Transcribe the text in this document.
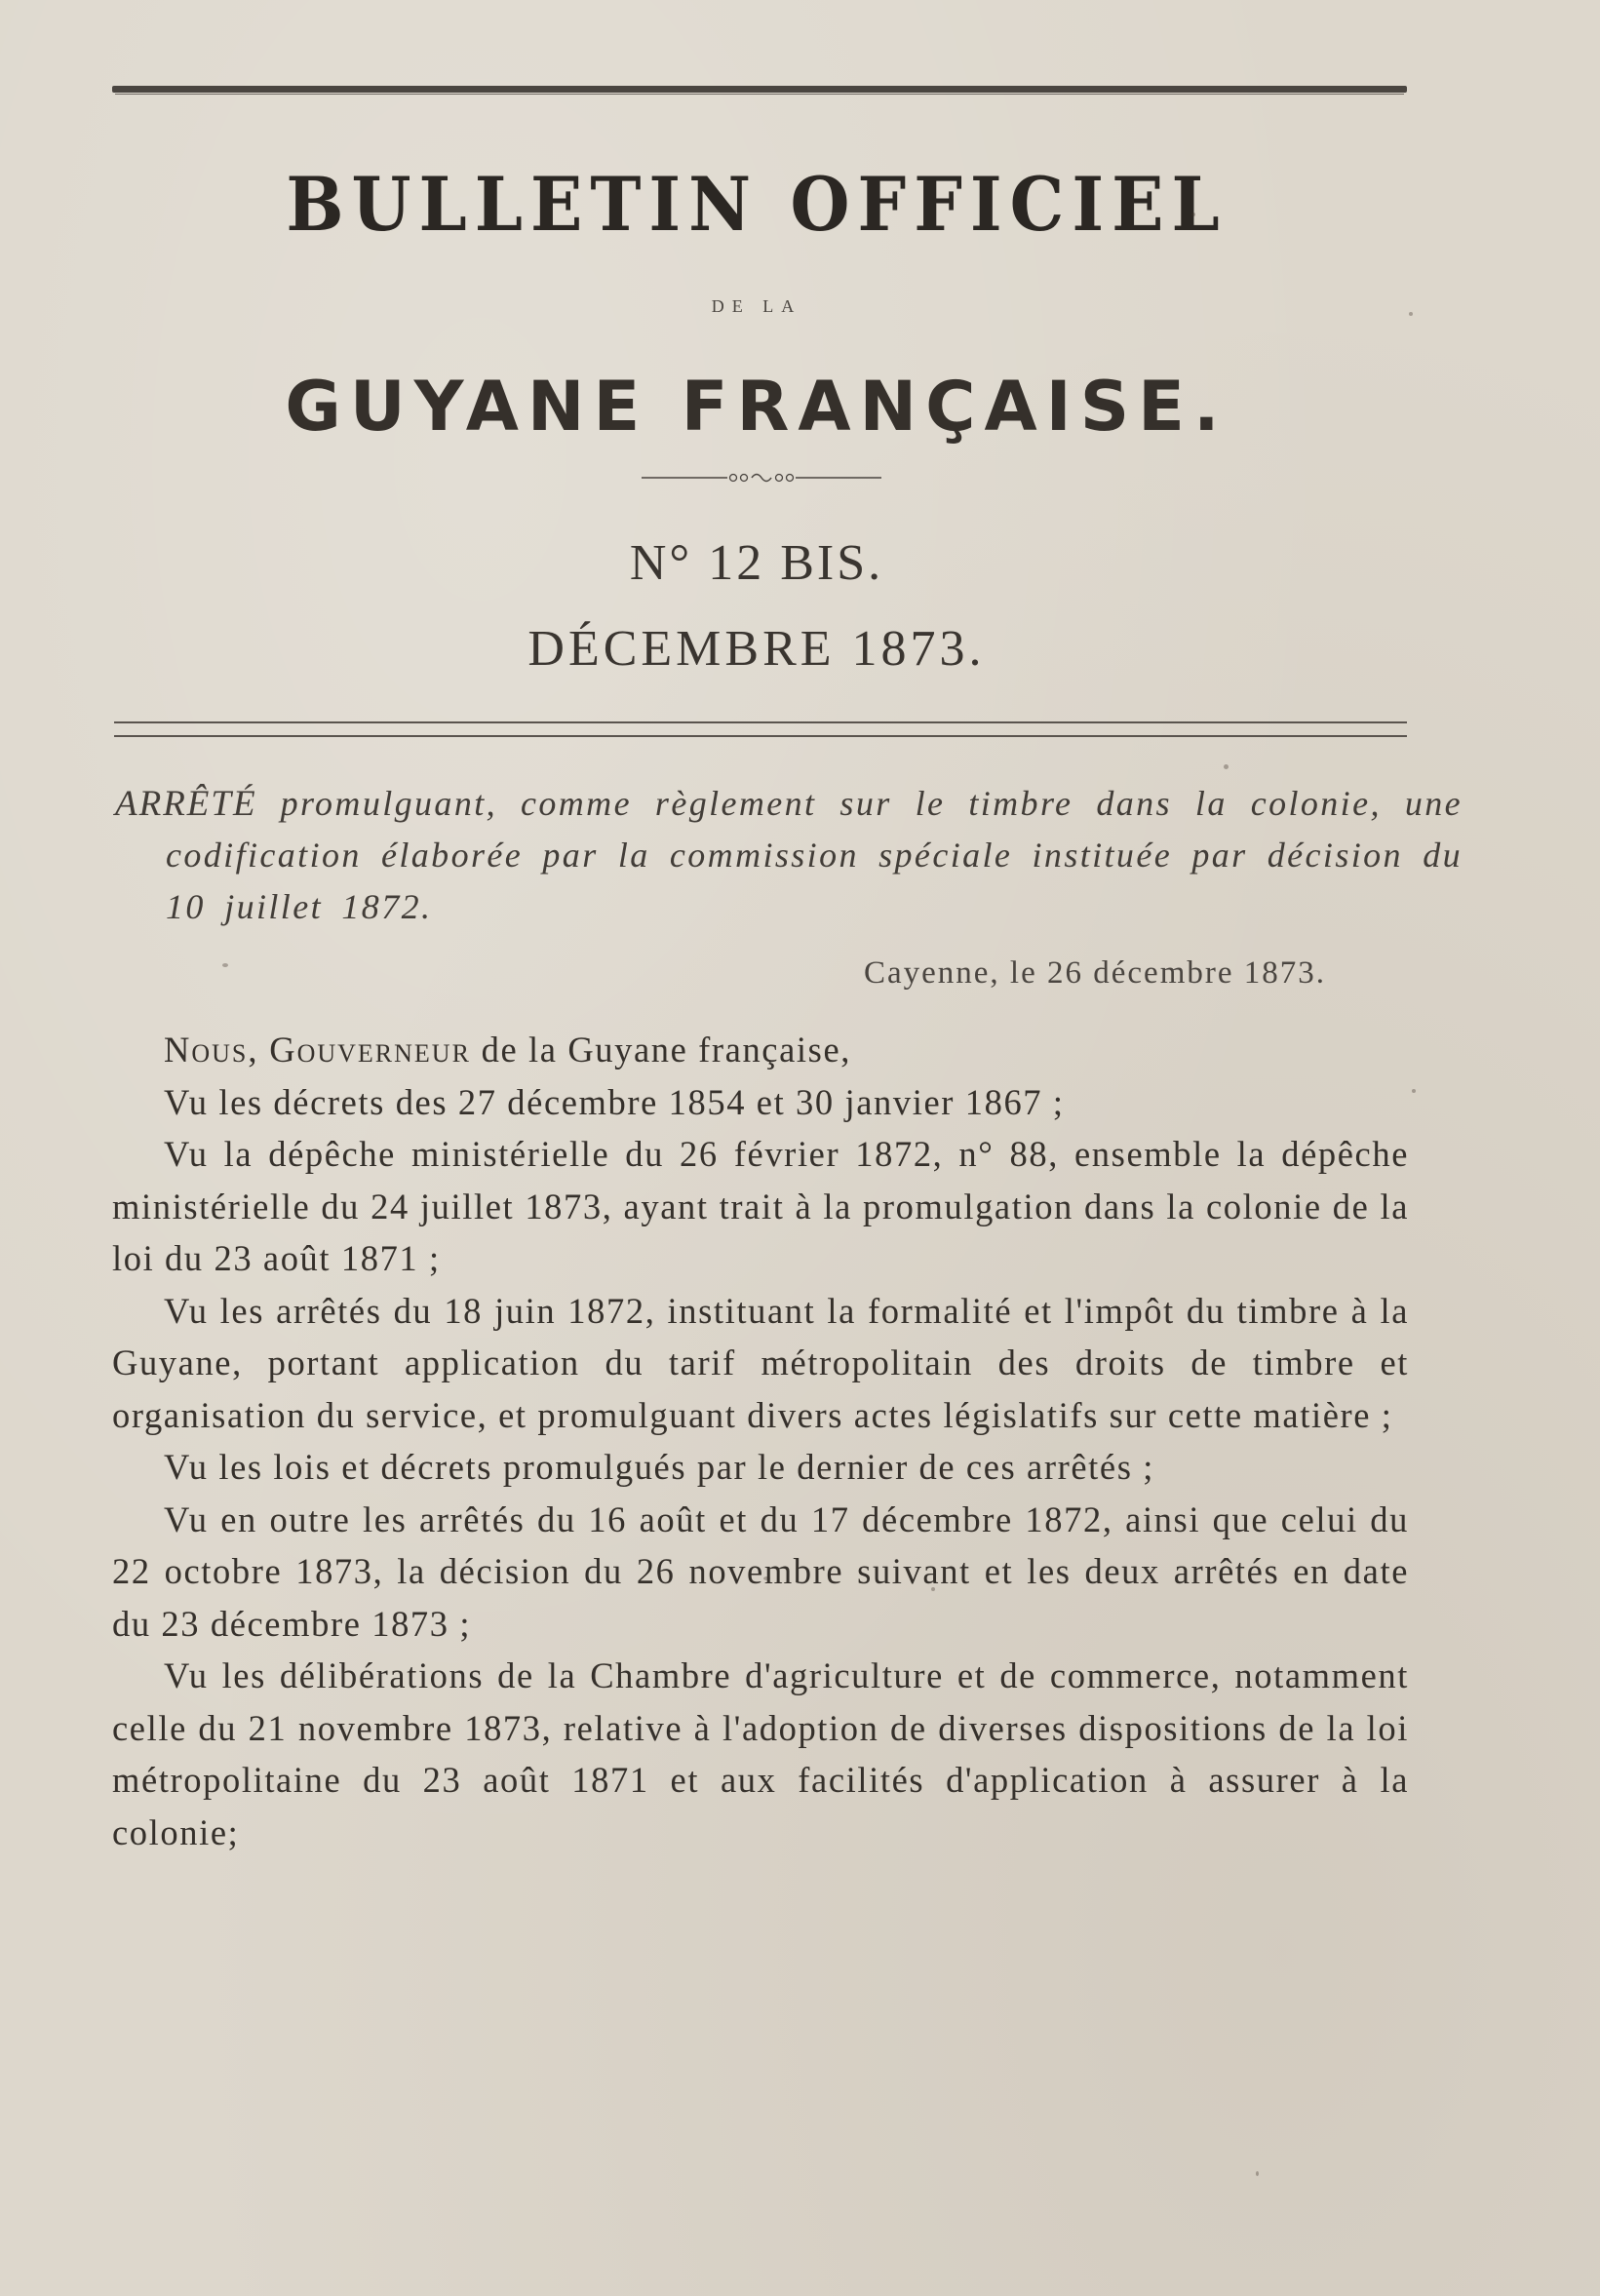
BULLETIN OFFICIEL
DE LA
GUYANE FRANÇAISE.
N° 12 BIS.
DÉCEMBRE 1873.
ARRÊTÉ promulguant, comme règlement sur le timbre dans la colonie, une codification élaborée par la commission spéciale instituée par décision du 10 juillet 1872.
Cayenne, le 26 décembre 1873.

Nous, Gouverneur de la Guyane française,

Vu les décrets des 27 décembre 1854 et 30 janvier 1867 ;

Vu la dépêche ministérielle du 26 février 1872, n° 88, ensemble la dépêche ministérielle du 24 juillet 1873, ayant trait à la promulgation dans la colonie de la loi du 23 août 1871 ;

Vu les arrêtés du 18 juin 1872, instituant la formalité et l'impôt du timbre à la Guyane, portant application du tarif métropolitain des droits de timbre et organisation du service, et promulguant divers actes législatifs sur cette matière ;

Vu les lois et décrets promulgués par le dernier de ces arrêtés ;

Vu en outre les arrêtés du 16 août et du 17 décembre 1872, ainsi que celui du 22 octobre 1873, la décision du 26 novembre suivant et les deux arrêtés en date du 23 décembre 1873 ;

Vu les délibérations de la Chambre d'agriculture et de commerce, notamment celle du 21 novembre 1873, relative à l'adoption de diverses dispositions de la loi métropolitaine du 23 août 1871 et aux facilités d'application à assurer à la colonie;
